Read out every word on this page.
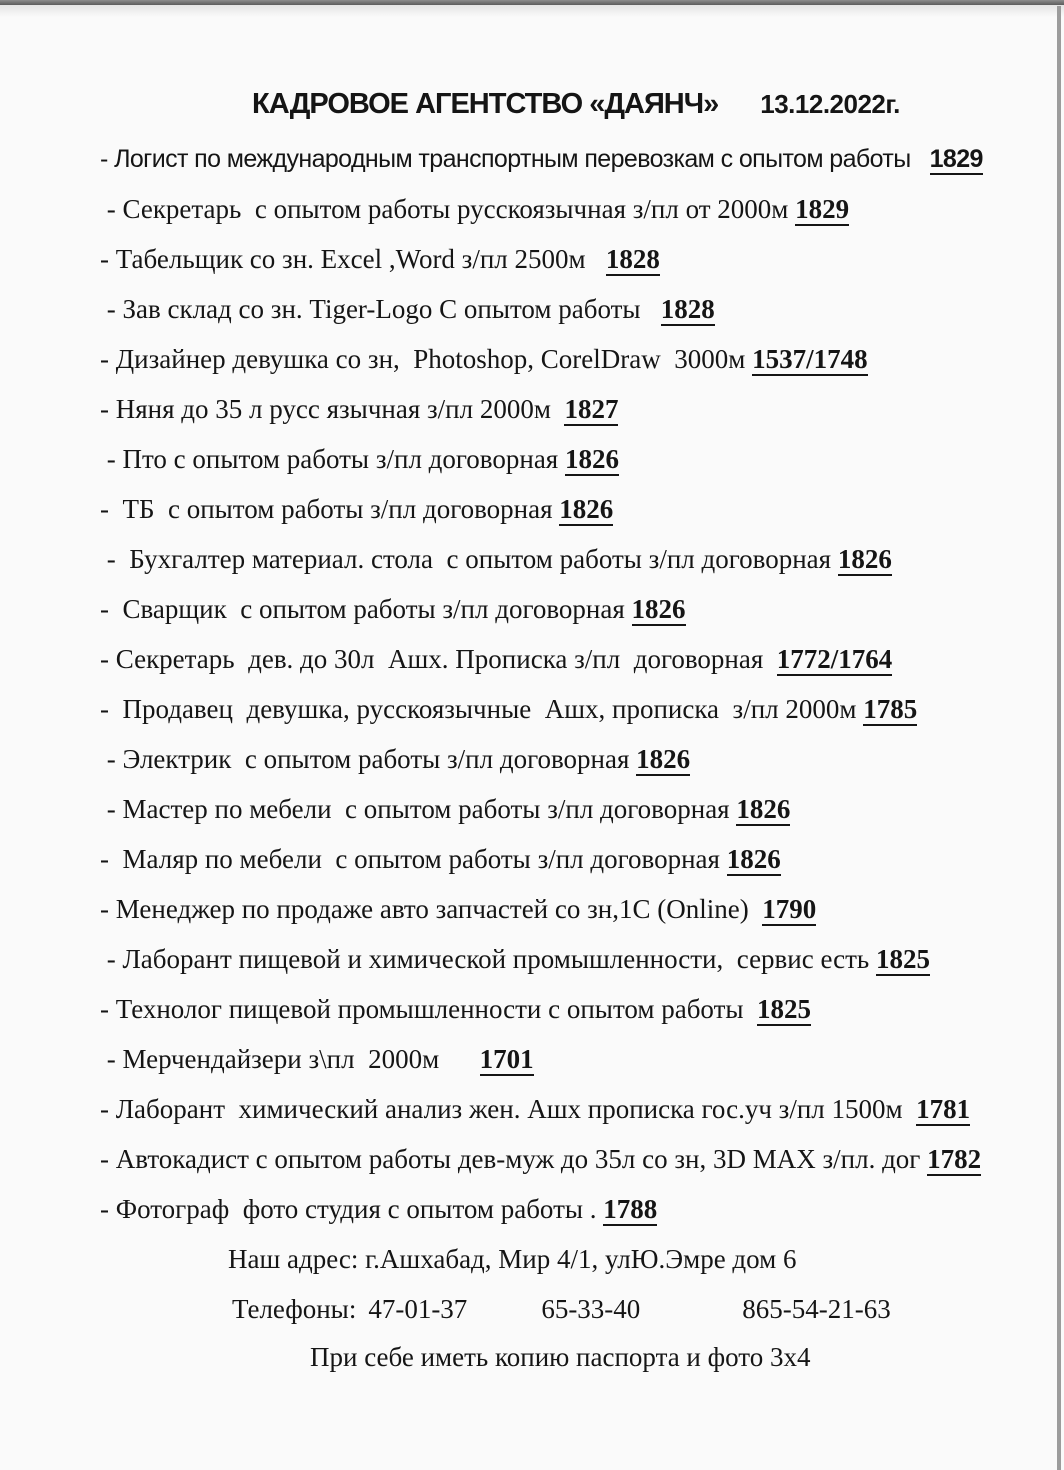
КАДРОВОЕ АГЕНТСТВО «ДАЯНЧ» 13.12.2022г.
- Логист по международным транспортным перевозкам с опытом работы   1829
- Секретарь  с опытом работы русскоязычная з/пл от 2000м 1829
- Табельщик со зн. Excel ,Word з/пл 2500м   1828
- Зав склад со зн. Tiger-Logo С опытом работы   1828
- Дизайнер девушка со зн,  Photoshop, CorelDraw  3000м 1537/1748
- Няня до 35 л русс язычная з/пл 2000м  1827
- Пто с опытом работы з/пл договорная 1826
-  ТБ  с опытом работы з/пл договорная 1826
-  Бухгалтер материал. стола  с опытом работы з/пл договорная 1826
-  Сварщик  с опытом работы з/пл договорная 1826
- Секретарь  дев. до 30л  Ашх. Прописка з/пл  договорная  1772/1764
-  Продавец  девушка, русскоязычные  Ашх, прописка  з/пл 2000м 1785
- Электрик  с опытом работы з/пл договорная 1826
- Мастер по мебели  с опытом работы з/пл договорная 1826
-  Маляр по мебели  с опытом работы з/пл договорная 1826
- Менеджер по продаже авто запчастей со зн,1С (Online)  1790
- Лаборант пищевой и химической промышленности,  сервис есть 1825
- Технолог пищевой промышленности с опытом работы  1825
- Мерчендайзери з\пл  2000м      1701
- Лаборант  химический анализ жен. Ашх прописка гос.уч з/пл 1500м  1781
- Автокадист с опытом работы дев-муж до 35л со зн, 3D MAX з/пл. дог 1782
- Фотограф  фото студия с опытом работы . 1788
Наш адрес: г.Ашхабад, Мир 4/1, улЮ.Эмре дом 6
Телефоны: 47-01-37	65-33-40	865-54-21-63
При себе иметь копию паспорта и фото 3х4
